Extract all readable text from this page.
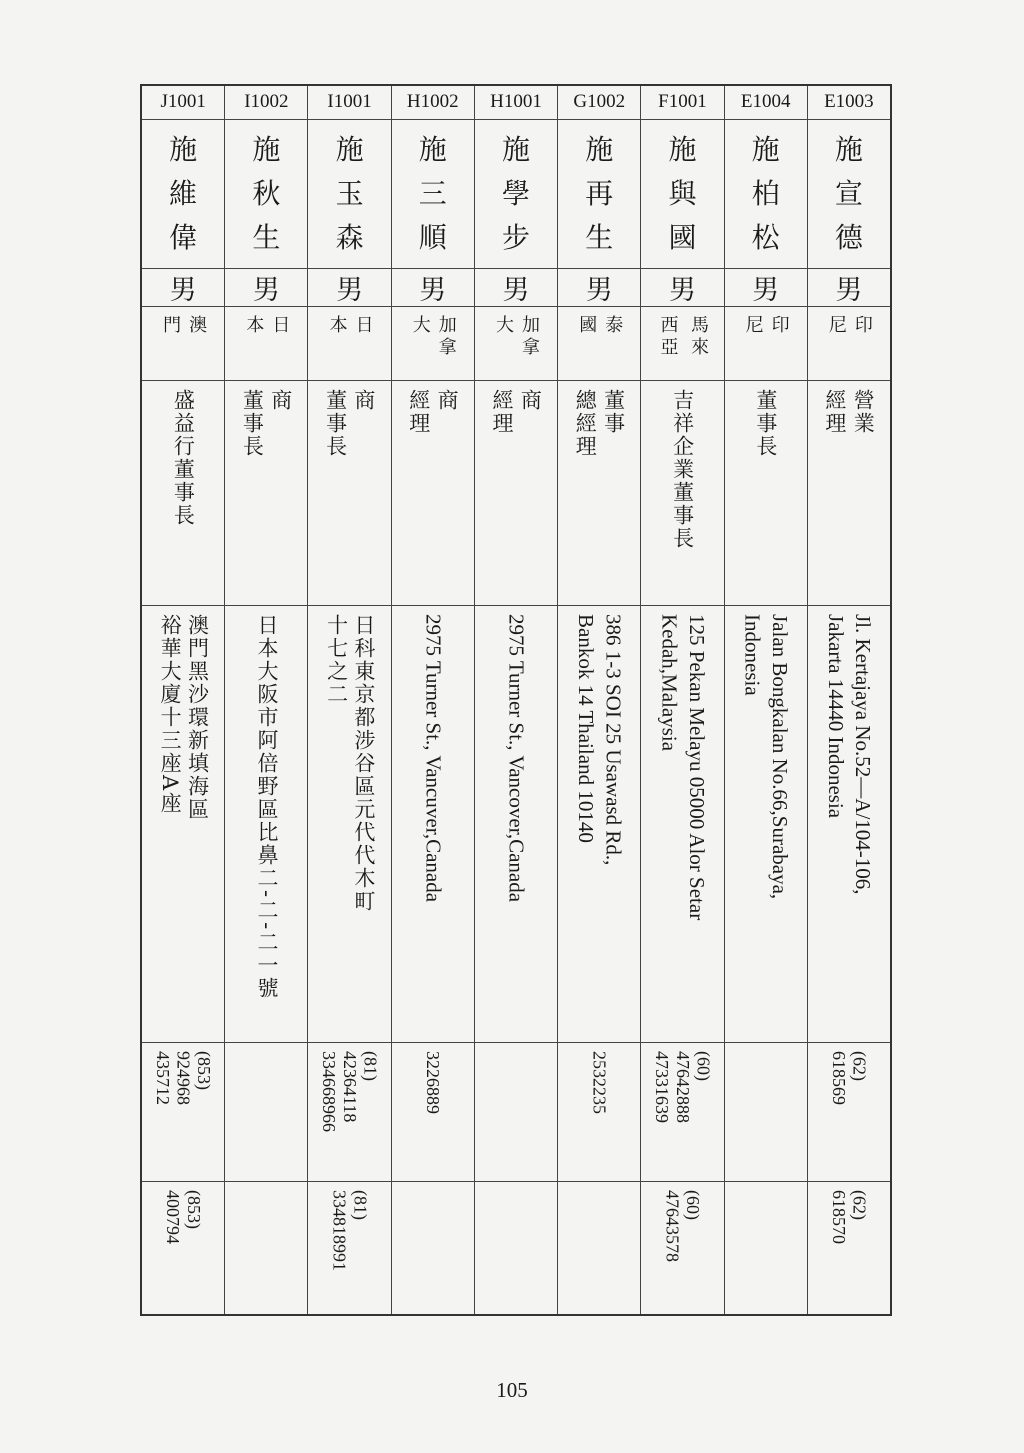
E1003
施
宣
德
男
印尼
營業
經理
Jl. Kertajaya No.52—A/104-106,
Jakarta 14440 Indonesia
(62)
618569
(62)
618570
E1004
施
柏
松
男
印尼
董事長
Jalan Bongkalan No.66,Surabaya,
Indonesia
F1001
施
與
國
男
馬來
西亞
吉祥企業董事長
125 Pekan Melayu 05000 Alor Setar
Kedah,Malaysia
(60)
47642888
47331639
(60)
47643578
G1002
施
再
生
男
泰國
董事
總經理
386 1-3 SOI 25 Usawasd Rd.,
Bankok 14 Thailand 10140
2532235
H1001
施
學
步
男
加拿大
商
經理
2975 Turner St., Vancover,Canada
H1002
施
三
順
男
加拿大
商
經理
2975 Turner St., Vancuver,Canada
3226889
I1001
施
玉
森
男
日本
商
董事長
日科東京都涉谷區元代代木町
十七之二
(81)
42364118
334668966
(81)
334818991
I1002
施
秋
生
男
日本
商
董事長
日本大阪市阿倍野區比鼻二-二-二一號
J1001
施
維
偉
男
澳門
盛益行董事長
澳門黑沙環新填海區
裕華大廈十三座A座
(853)
924968
435712
(853)
400794
105
